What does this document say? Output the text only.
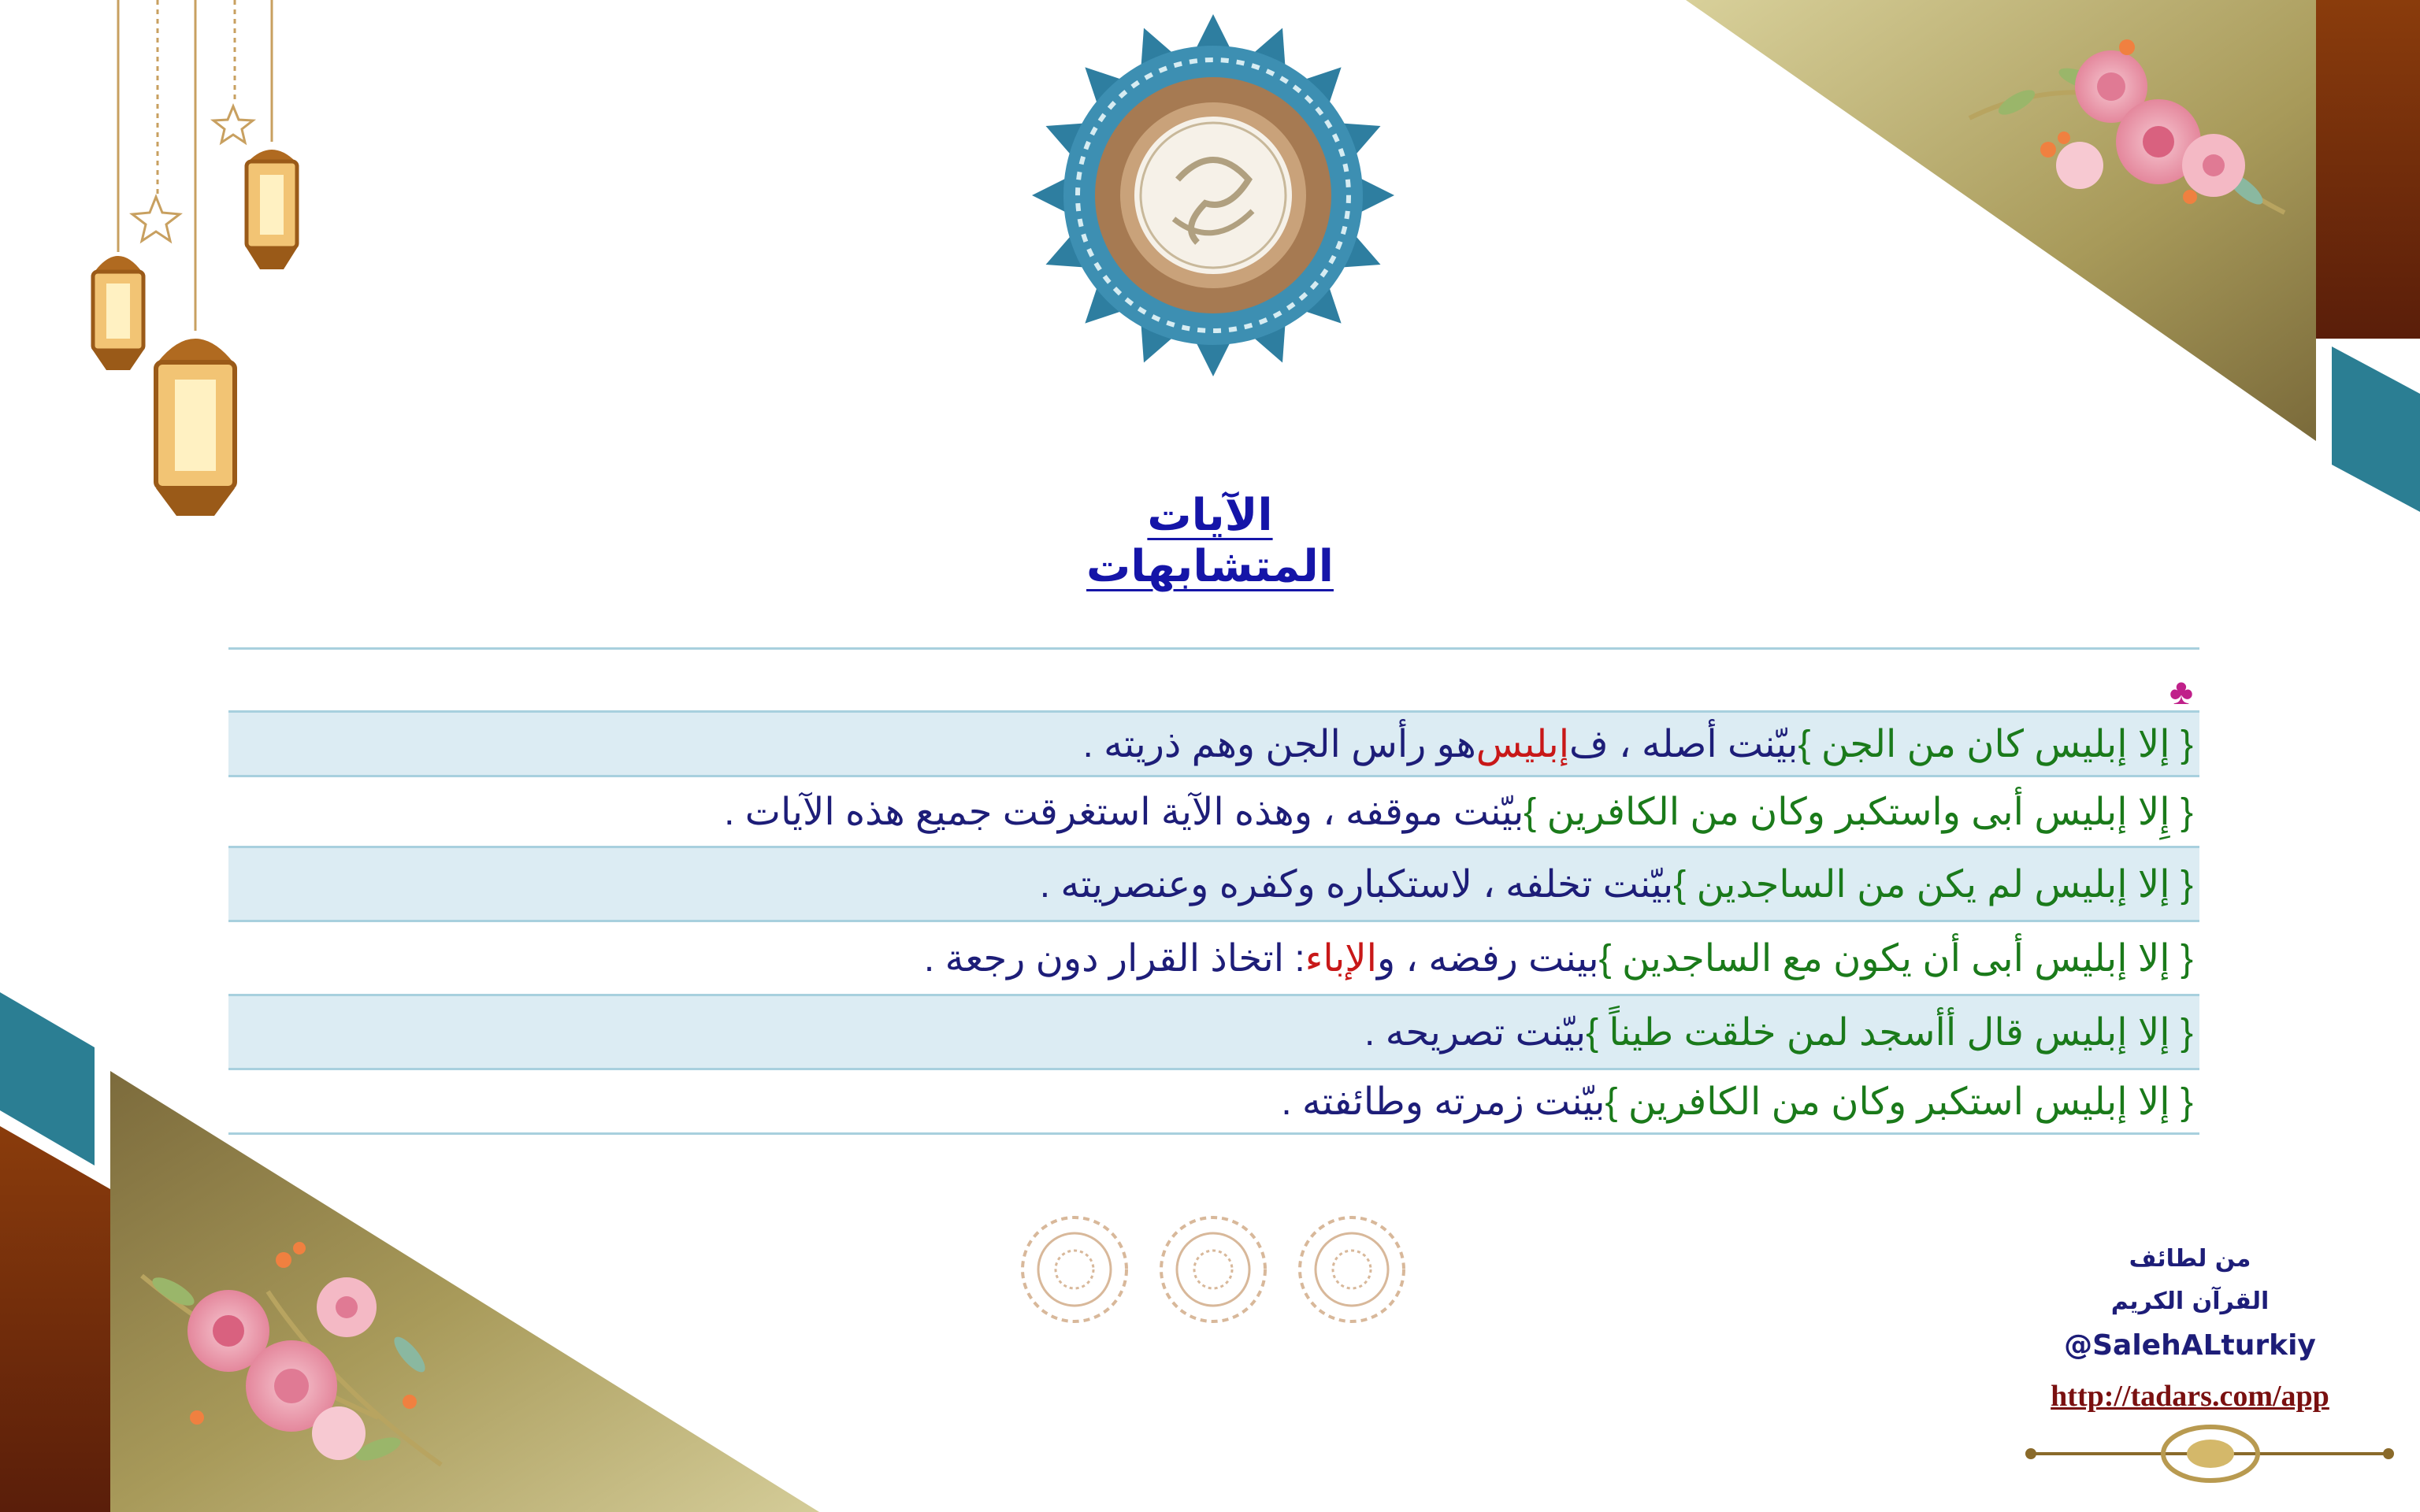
الآيات المتشابهات
♣
{ إلا إبليس كان من الجن }
بيّنت أصله ، ف
إبليس
هو رأس الجن وهم ذريته .
{ إِلا إبليس أبى واستكبر وكان من الكافرين }
بيّنت موقفه ، وهذه الآية استغرقت جميع هذه الآيات .
{ إلا إبليس لم يكن من الساجدين }
بيّنت تخلفه ، لاستكباره وكفره وعنصريته .
{ إلا إبليس أبى أن يكون مع الساجدين }
بينت رفضه ، و
الإباء
: اتخاذ القرار دون رجعة .
{ إلا إبليس قال أأسجد لمن خلقت طيناً }
بيّنت تصريحه .
{ إلا إبليس استكبر وكان من الكافرين }
بيّنت زمرته وطائفته .
من لطائف
القرآن الكريم
@SalehALturkiy
http://tadars.com/app
